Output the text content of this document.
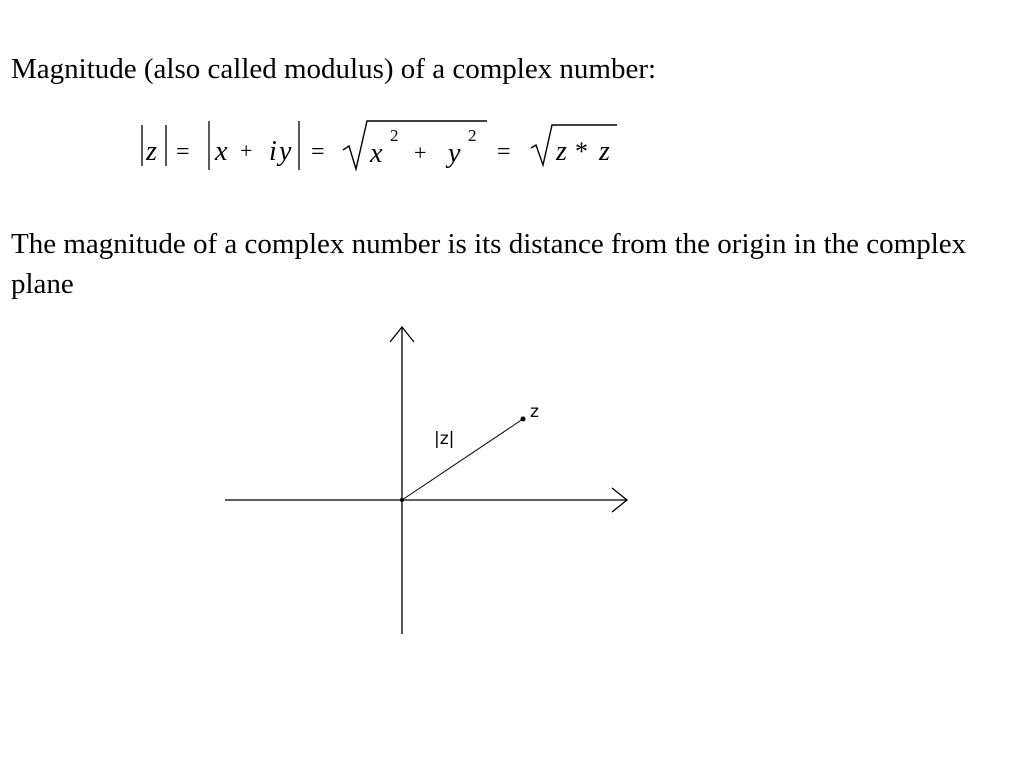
Magnitude (also called modulus) of a complex number:
z = x + i y = x
2
+ y
2
= z * z
The magnitude of a complex number is its distance from the origin in the complex plane
z
|z|
